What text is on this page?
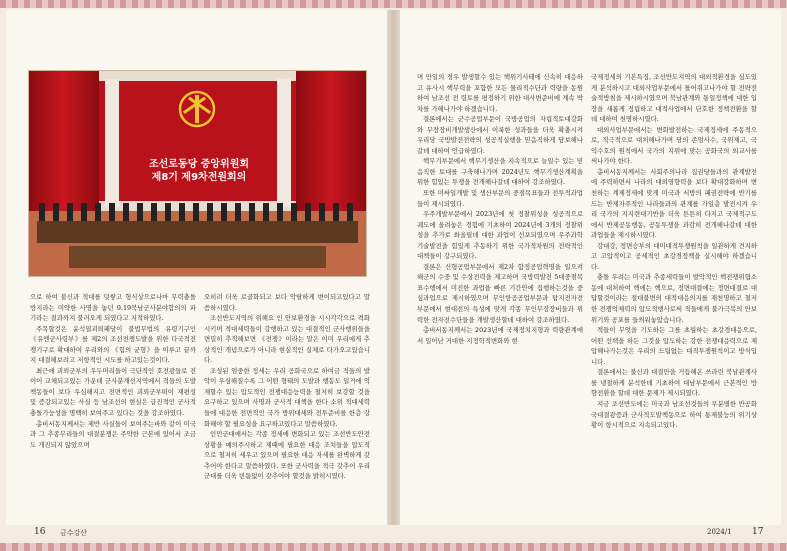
조선로동당 중앙위원회
제8기 제9차전원회의

으로 하여 불신과 적대를 덧쌓고 형식상으로나마 무력충돌방지라는 미약한 사명을 놓던 9.19북남군사분야합의의 파기라는 결과까지 불러오게 되였다고 지적하였다.

주목할것은 윤석열괴뢰패당이 불법무법의 유령기구인 《유엔군사령부》를 제2의 조선전쟁도발을 위한 다국적전쟁기구로 확대하여 우리와의 《힘의 균형》을 이루고 끝까지 대결해보려고 저항적인 시도를 하고있는것이다.

최근에 괴뢰군부의 우두머리들이 극단적인 호전광들로 전이어 교체되고있는 가운데 군사분계선지역에서 적들의 도발책동들이 보다 우심해지고 전면적인 괴뢰군부떠이 재편성 및 증강되고있는 사실 등 남조선의 현실은 급진적인 군사적충돌가능성을 명백히 보여주고 있다는 것을 강조하였다.

총비서동지께서는 제반 사실들이 보여주는바와 같이 미국과 그 추종무리들의 대결분쟁은 주약한 근본에 있어서 조금도 개진되지 않았으며

오히려 더욱 로골화되고 보다 악랄하게 변이되고있다고 말씀하시였다.

조선반도지역의 위해요 인 안보환경을 시시각각으로 격화시키며 적대세력들이 강행하고 있는 대결적인 군사행위들을 면밀히 추적해보면 《전쟁》이라는 말은 이미 우리에게 추상적인 개념으로가 아니라 현실적인 실체로 다가오고있습니다.

조성된 엄중한 정세는 우리 공화국으로 하여금 적들의 발악이 우심해질수록 그 어떤 형태의 도발과 행동도 일거에 억제할수 있는 압도적인 전쟁대응능력을 철저히 보강할 것을 요구하고 있으며 사명과 군사적 대책을 한다 소위 적대세력들에 대응한 전면적인 국가 방위대세와 전투준비를 한층 강화해야 할 필요성을 요구하고있다고 말씀하였다.

인민군대에서는 각종 정세에 변화되고 있는 조선반도안전상황을 예의주시하고 제때에 필요한 대응 조치들을 압도적으로 철저히 세우고 있으며 필요한 대응 자세를 완벽하게 갖추어야 한다고 말씀하였다. 또한 군사력을 적극 갖추어 우리 군대를 더욱 빈틈없이 갖추어야 할것을 밝히시였다.

며 만일의 경우 발생할수 있는 핵위기사태에 신속히 대응하고 유사시 핵무력을 포함한 모든 물리적수단과 력량을 동원하여 남조선 전 령토를 평정하기 위한 대사변준비에 계속 박차를 가해나가야 하겠습니다.

결론에서는 군수공업부문이 국방공업의 자립적토대강화와 무장장비개발생산에서 이룩한 성과들을 더욱 확충시켜 우리당 국방발전전략의 성공적실행을 믿음직하게 담보해나갈데 대하여 언급하였다.

핵무기부문에서 핵무기생산을 지속적으로 늘일수 있는 믿음직한 토대를 구축해나가며 2024년도 핵무기생산계획을 위한 힘있는 투쟁을 전개해나갈데 대하여 강조하였다.

또한 미싸일개발 및 생산부문의 중점목표들과 전투적과업들이 제시되였다.

우주개발부문에서 2023년에 첫 정찰위성을 성공적으로 궤도에 올려놓은 경험에 기초하여 2024년에 3개의 정찰위성을 추가로 쏴올릴데 대한 과업이 선포되였으며 우주과학기술발전을 힘있게 추동하기 위한 국가적차원의 전략적인 대책들이 강구되였다.

결론은 신형공업부문에서 제2차 함정공업혁명을 일으켜 해군의 수중 및 수상전력을 제고하며 국방력발전 5대중점목표수행에서 미진한 과업을 빠른 기간안에 집행하는것을 중심과업으로 제시하였으며 무인항공공업부문과 탐지전자전부문에서 현대전의 특성에 맞게 각종 무인무장장비들과 위력한 전자전수단들을 개발생산할데 대하여 강조하였다.

총비서동지께서는 2023년에 국제정치지형과 력량관계에서 일어난 거대한 지정학적변화와 현

국제정세의 기본특징, 조선반도지역의 대외적환경을 심도있게 분석하시고 대외사업부문에서 틀어쥐고나가야 할 전략전술적방침을 제시하시였으며 북남관계와 통일정책에 대한 입장을 새롭게 정립하고 대적사업에서 단호한 정책전환을 할데 대하여 천명하시였다.

대외사업부문에서는 변화발전하는 국제정세에 주동적으로, 적극적으로 대처해나가며 당의 존엄사수, 국위제고, 국익수호의 원칙에서 국가의 지위에 맞는 공화국의 외교사를 써나가야 한다.

총비서동지께서는 사회주의나라 집권당들과의 관계발전에 주력하면서 나라의 대외영향력을 보다 확대강화하며 변천하는 계제정세에 맞게 미국과 서방의 패권전략에 반기를 드는 반제자주적인 나라들과의 관계를 가일층 발전시켜 우리 국가의 지지련대기반을 더욱 튼튼히 다지고 국제적구도에서 반제공동행동, 공동투쟁을 과감히 전개해나갈데 대한 과업들을 제시하시였다.

강대강, 정면승부의 대미대적투쟁원칙을 일관하게 견지하고 고압적이고 공세적인 초강경정책을 실시해야 하겠습니다.

충돌 우려는 미국과 추종세력들이 발악적인 핵전쟁위협소동에 대처하여 핵에는 핵으로, 정면대결에는 정면대결로 대답할것이라는 절대불변의 대적대응의지를 재천명하고 철저한 전쟁억제력의 압도적행사로써 적들에게 불가극복의 안보위기와 공포를 들씌워놓았습니다.

적들이 무엇을 기도하든 그를 초월하는 초강경대응으로, 어떤 선택을 하든 그것을 압도하는 강한 전쟁대응력으로 제압해나가는것은 우리의 드팀없는 대적투쟁원칙이고 방식입니다.

결론에서는 불신과 대결만을 거듭해온 쓰라린 북남관계사를 냉철하게 분석한데 기초하여 대남부문에서 근본적인 방향전환을 할데 대한 문제가 제시되였다.

지금 조선반도에는 미국과 남조선것들의 무분별한 반공화국대결광증과 군사적도발책동으로 하여 통제불능의 위기상황이 항시적으로 지속되고있다.

16 금수강산	2024/1 17
